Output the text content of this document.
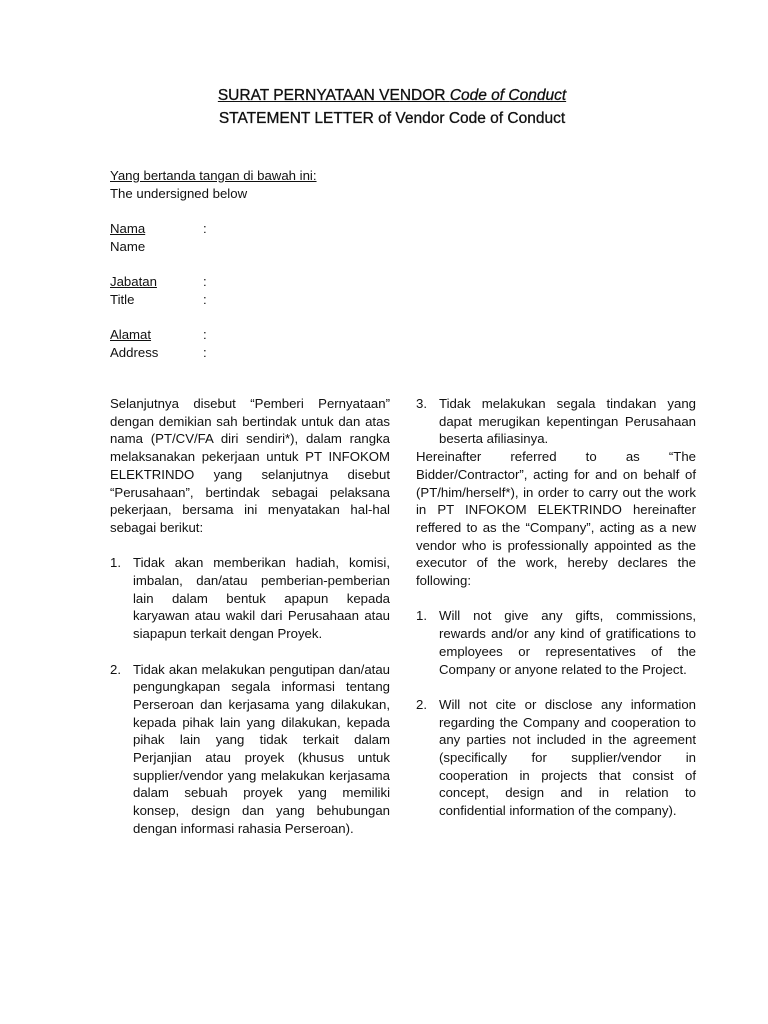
SURAT PERNYATAAN VENDOR Code of Conduct
STATEMENT LETTER of Vendor Code of Conduct
Yang bertanda tangan di bawah ini:
The undersigned below
Nama	:
Name
Jabatan	:
Title	:
Alamat	:
Address	:

Selanjutnya disebut “Pemberi Pernyataan” dengan demikian sah bertindak untuk dan atas nama (PT/CV/FA diri sendiri*), dalam rangka melaksanakan pekerjaan untuk PT INFOKOM ELEKTRINDO yang selanjutnya disebut “Perusahaan”, bertindak sebagai pelaksana pekerjaan, bersama ini menyatakan hal-hal sebagai berikut:

1. Tidak akan memberikan hadiah, komisi, imbalan, dan/atau pemberian-pemberian lain dalam bentuk apapun kepada karyawan atau wakil dari Perusahaan atau siapapun terkait dengan Proyek.
2. Tidak akan melakukan pengutipan dan/atau pengungkapan segala informasi tentang Perseroan dan kerjasama yang dilakukan, kepada pihak lain yang dilakukan, kepada pihak lain yang tidak terkait dalam Perjanjian atau proyek (khusus untuk supplier/vendor yang melakukan kerjasama dalam sebuah proyek yang memiliki konsep, design dan yang behubungan dengan informasi rahasia Perseroan).
3. Tidak melakukan segala tindakan yang dapat merugikan kepentingan Perusahaan beserta afiliasinya.

Hereinafter referred to as “The Bidder/Contractor”, acting for and on behalf of (PT/him/herself*), in order to carry out the work in PT INFOKOM ELEKTRINDO hereinafter reffered to as the “Company”, acting as a new vendor who is professionally appointed as the executor of the work, hereby declares the following:

1. Will not give any gifts, commissions, rewards and/or any kind of gratifications to employees or representatives of the Company or anyone related to the Project.
2. Will not cite or disclose any information regarding the Company and cooperation to any parties not included in the agreement (specifically for supplier/vendor in cooperation in projects that consist of concept, design and in relation to confidential information of the company).
